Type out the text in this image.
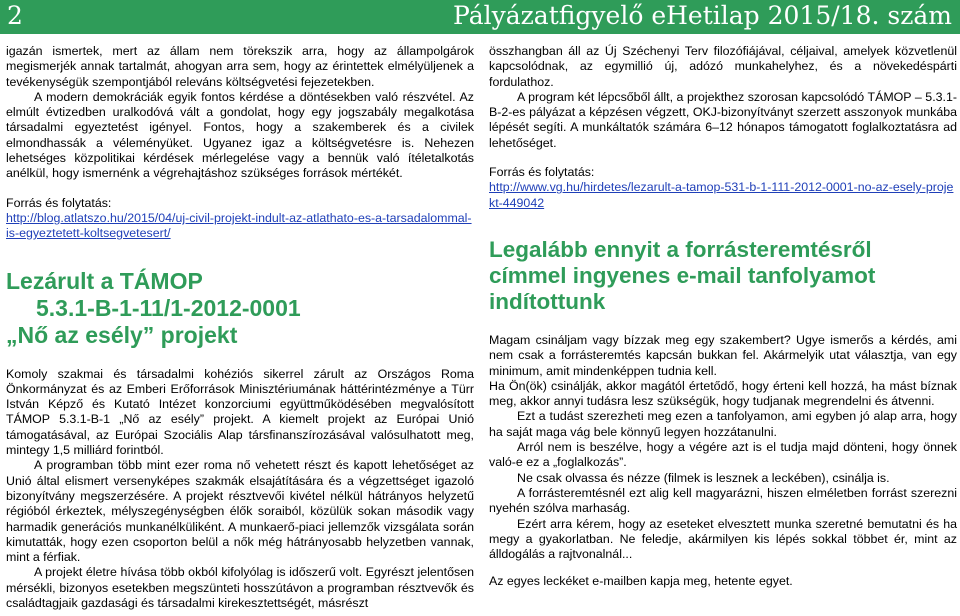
2	Pályázatfigyelő eHetilap 2015/18. szám

igazán ismertek, mert az állam nem törekszik arra, hogy az állampolgárok megismerjék annak tartalmát, ahogyan arra sem, hogy az érintettek elmélyüljenek a tevékenységük szempontjából releváns költségvetési fejezetekben.

A modern demokráciák egyik fontos kérdése a döntésekben való részvétel. Az elmúlt évtizedben uralkodóvá vált a gondolat, hogy egy jogszabály megalkotása társadalmi egyeztetést igényel. Fontos, hogy a szakemberek és a civilek elmondhassák a véleményüket. Ugyanez igaz a költségvetésre is. Nehezen lehetséges közpolitikai kérdések mérlegelése vagy a bennük való ítéletalkotás anélkül, hogy ismernénk a végrehajtáshoz szükséges források mértékét.

Forrás és folytatás:

http://blog.atlatszo.hu/2015/04/uj-civil-projekt-indult-az-atlathato-es-a-tarsadalommal-is-egyeztetett-koltsegvetesert/

Lezárult a TÁMOP
5.3.1-B-1-11/1-2012-0001
„Nő az esély” projekt

Komoly szakmai és társadalmi kohéziós sikerrel zárult az Országos Roma Önkormányzat és az Emberi Erőforrások Minisztériumának háttérintézménye a Türr István Képző és Kutató Intézet konzorciumi együttműködésében megvalósított TÁMOP 5.3.1-B-1 „Nő az esély” projekt. A kiemelt projekt az Európai Unió támogatásával, az Európai Szociális Alap társfinanszírozásával valósulhatott meg, mintegy 1,5 milliárd forintból.

A programban több mint ezer roma nő vehetett részt és kapott lehetőséget az Unió által elismert versenyképes szakmák elsajátítására és a végzettséget igazoló bizonyítvány megszerzésére. A projekt résztvevői kivétel nélkül hátrányos helyzetű régióból érkeztek, mélyszegénységben élők soraiból, közülük sokan második vagy harmadik generációs munkanélküliként. A munkaerő-piaci jellemzők vizsgálata során kimutatták, hogy ezen csoporton belül a nők még hátrányosabb helyzetben vannak, mint a férfiak.

A projekt életre hívása több okból kifolyólag is időszerű volt. Egyrészt jelentősen mérsékli, bizonyos esetekben megszünteti hosszútávon a programban résztvevők és családtagjaik gazdasági és társadalmi kirekesztettségét, másrészt

összhangban áll az Új Széchenyi Terv filozófiájával, céljaival, amelyek közvetlenül kapcsolódnak, az egymillió új, adózó munkahelyhez, és a növekedéspárti fordulathoz.

A program két lépcsőből állt, a projekthez szorosan kapcsolódó TÁMOP – 5.3.1-B-2-es pályázat a képzésen végzett, OKJ-bizonyítványt szerzett asszonyok munkába lépését segíti. A munkáltatók számára 6–12 hónapos támogatott foglalkoztatásra ad lehetőséget.

Forrás és folytatás:

http://www.vg.hu/hirdetes/lezarult-a-tamop-531-b-1-111-2012-0001-no-az-esely-projekt-449042

Legalább ennyit a forrásteremtésről
címmel ingyenes e-mail tanfolyamot
indítottunk

Magam csináljam vagy bízzak meg egy szakembert? Ugye ismerős a kérdés, ami nem csak a forrásteremtés kapcsán bukkan fel. Akármelyik utat választja, van egy minimum, amit mindenképpen tudnia kell.

Ha Ön(ök) csinálják, akkor magától értetődő, hogy érteni kell hozzá, ha mást bíznak meg, akkor annyi tudásra lesz szükségük, hogy tudjanak megrendelni és átvenni.

Ezt a tudást szerezheti meg ezen a tanfolyamon, ami egyben jó alap arra, hogy ha saját maga vág bele könnyű legyen hozzátanulni.

Arról nem is beszélve, hogy a végére azt is el tudja majd dönteni, hogy önnek való-e ez a „foglalkozás”.

Ne csak olvassa és nézze (filmek is lesznek a leckében), csinálja is.

A forrásteremtésnél ezt alig kell magyarázni, hiszen elméletben forrást szerezni nyehén szólva marhaság.

Ezért arra kérem, hogy az eseteket elvesztett munka szeretné bemutatni és ha megy a gyakorlatban. Ne feledje, akármilyen kis lépés sokkal többet ér, mint az álldogálás a rajtvonalnál...

Az egyes leckéket e-mailben kapja meg, hetente egyet.
